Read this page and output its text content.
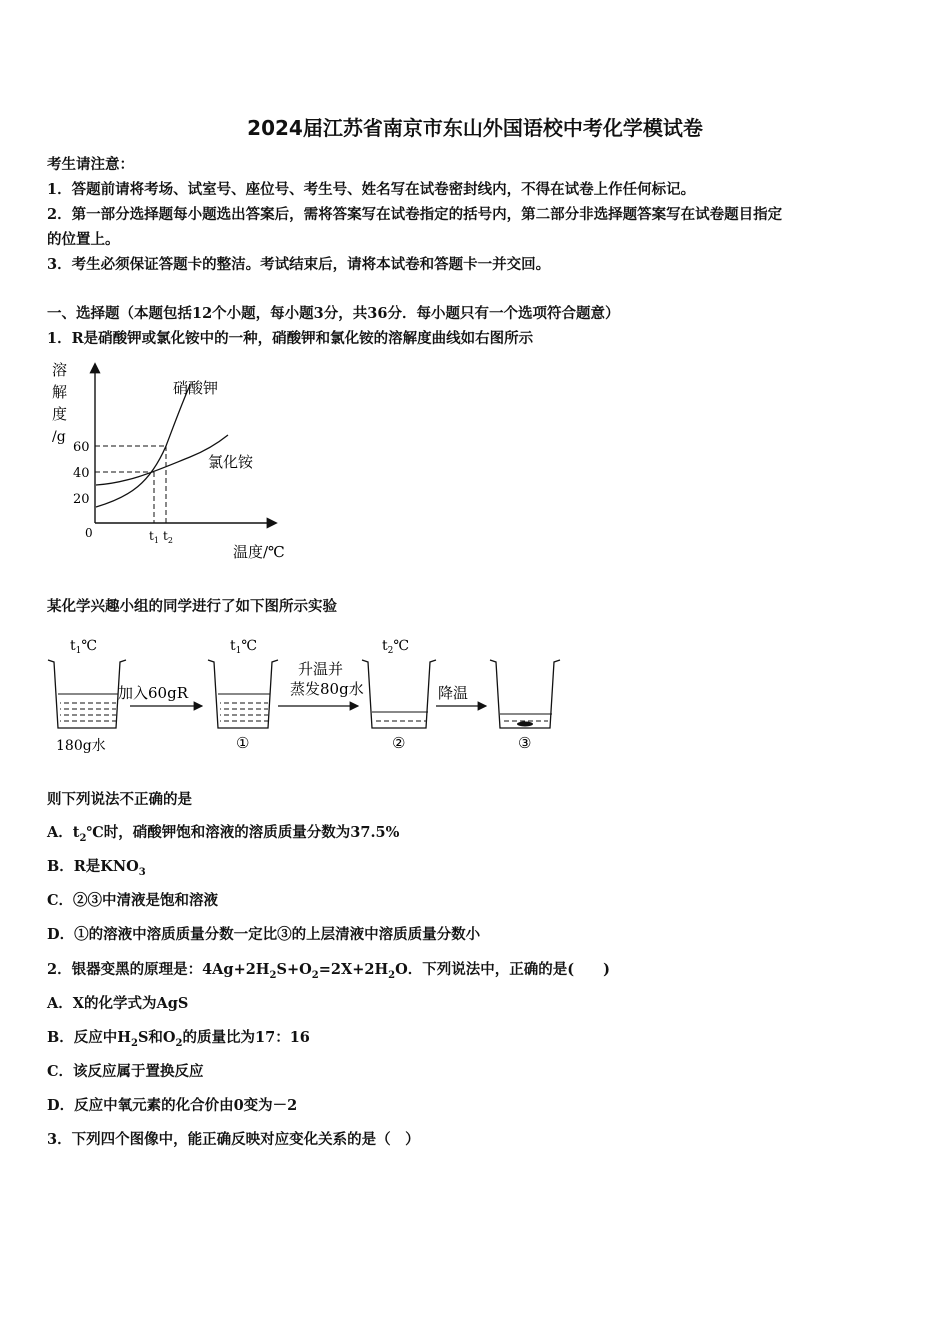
2024届江苏省南京市东山外国语校中考化学模试卷
考生请注意：
1．答题前请将考场、试室号、座位号、考生号、姓名写在试卷密封线内，不得在试卷上作任何标记。
2．第一部分选择题每小题选出答案后，需将答案写在试卷指定的括号内，第二部分非选择题答案写在试卷题目指定
的位置上。
3．考生必须保证答题卡的整洁。考试结束后，请将本试卷和答题卡一并交回。
一、选择题（本题包括12个小题，每小题3分，共36分．每小题只有一个选项符合题意）
1．R是硝酸钾或氯化铵中的一种，硝酸钾和氯化铵的溶解度曲线如右图所示
溶
解
度
/g
60
40
20
0
硝酸钾
氯化铵
$t_1$ $t_2$
温度/℃
某化学兴趣小组的同学进行了如下图所示实验
$t_1℃$
180g水
加入60gR
$t_1℃$
①
升温并
蒸发80g水
$t_2℃$
②
降温
③
则下列说法不正确的是
A．$t_2℃$时，硝酸钾饱和溶液的溶质质量分数为37.5%
B．R是$KNO_3$
C．②③中清液是饱和溶液
D．①的溶液中溶质质量分数一定比③的上层清液中溶质质量分数小
2．银器变黑的原理是：$4Ag+2H_2S+O_2=2X+2H_2O$．下列说法中，正确的是(　　)
A．X的化学式为AgS
B．反应中$H_2S$和$O_2$的质量比为17：16
C．该反应属于置换反应
D．反应中氧元素的化合价由0变为－2
3．下列四个图像中，能正确反映对应变化关系的是（　）
